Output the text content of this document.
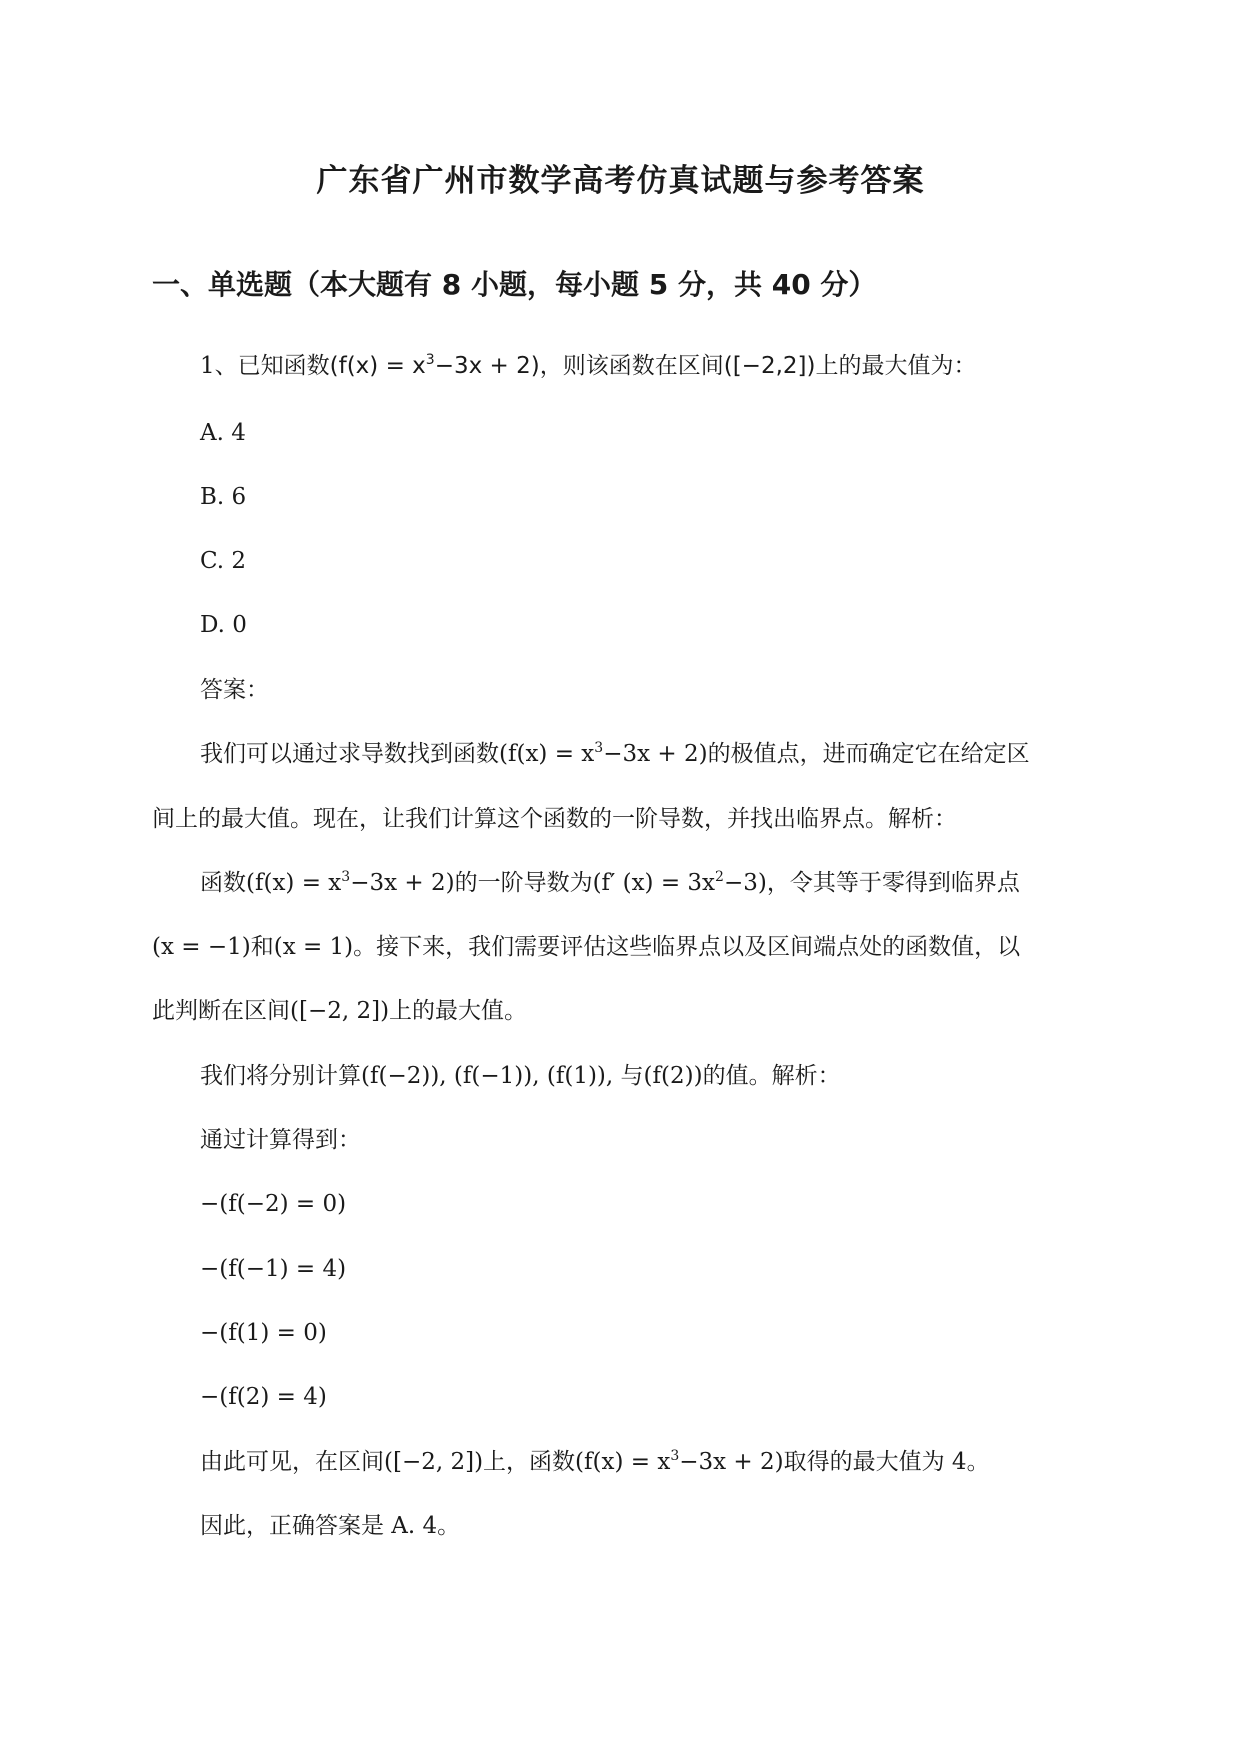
广东省广州市数学高考仿真试题与参考答案
一、单选题（本大题有 8 小题，每小题 5 分，共 40 分）
1、已知函数$(f(x) = x^3-3x + 2)$，则该函数在区间([−2,2])上的最大值为：
A. 4
B. 6
C. 2
D. 0
答案：
我们可以通过求导数找到函数$(f(x) = x^3-3x + 2)$的极值点，进而确定它在给定区
间上的最大值。现在，让我们计算这个函数的一阶导数，并找出临界点。解析：
函数$(f(x) = x^3-3x + 2)$的一阶导数为(f′ $(x) = 3x^2-3$)，令其等于零得到临界点
(x = −1)和(x = 1)。接下来，我们需要评估这些临界点以及区间端点处的函数值，以
此判断在区间([−2, 2])上的最大值。
我们将分别计算(f(−2)), (f(−1)), (f(1)), 与(f(2))的值。解析：
通过计算得到：
−(f(−2) = 0)
−(f(−1) = 4)
−(f(1) = 0)
−(f(2) = 4)
由此可见，在区间([−2, 2])上，函数$(f(x) = x^3-3x + 2)$取得的最大值为 4。
因此，正确答案是 A. 4。
